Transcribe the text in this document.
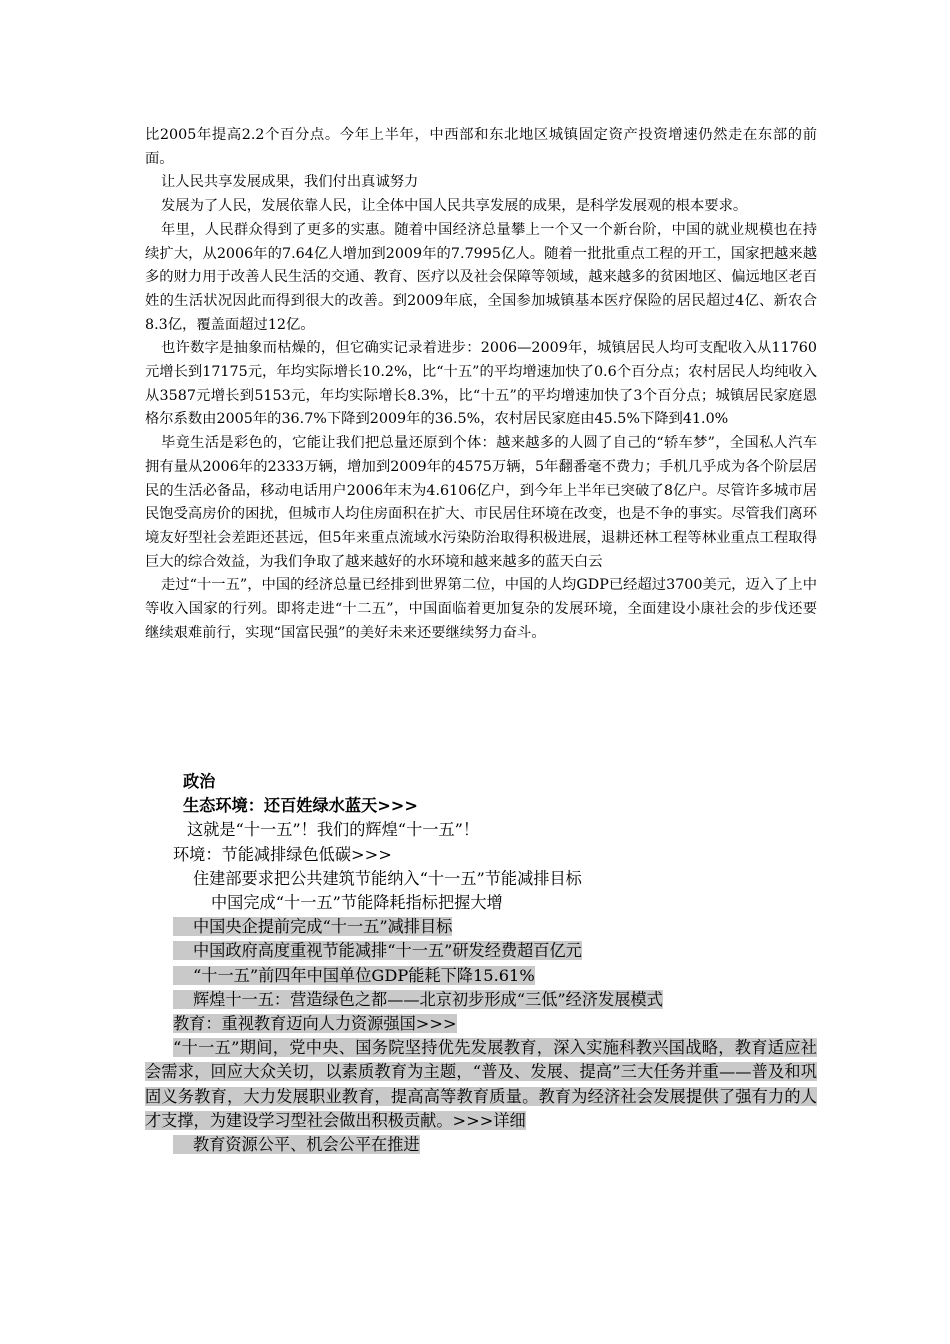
比2005年提高2.2个百分点。今年上半年，中西部和东北地区城镇固定资产投资增速仍然走在东部的前面。

让人民共享发展成果，我们付出真诚努力

发展为了人民，发展依靠人民，让全体中国人民共享发展的成果，是科学发展观的根本要求。

年里，人民群众得到了更多的实惠。随着中国经济总量攀上一个又一个新台阶，中国的就业规模也在持续扩大，从2006年的7.64亿人增加到2009年的7.7995亿人。随着一批批重点工程的开工，国家把越来越多的财力用于改善人民生活的交通、教育、医疗以及社会保障等领域，越来越多的贫困地区、偏远地区老百姓的生活状况因此而得到很大的改善。到2009年底，全国参加城镇基本医疗保险的居民超过4亿、新农合8.3亿，覆盖面超过12亿。

也许数字是抽象而枯燥的，但它确实记录着进步：2006—2009年，城镇居民人均可支配收入从11760元增长到17175元，年均实际增长10.2%，比“十五”的平均增速加快了0.6个百分点；农村居民人均纯收入从3587元增长到5153元，年均实际增长8.3%，比“十五”的平均增速加快了3个百分点；城镇居民家庭恩格尔系数由2005年的36.7%下降到2009年的36.5%，农村居民家庭由45.5%下降到41.0%

毕竟生活是彩色的，它能让我们把总量还原到个体：越来越多的人圆了自己的“轿车梦”，全国私人汽车拥有量从2006年的2333万辆，增加到2009年的4575万辆，5年翻番毫不费力；手机几乎成为各个阶层居民的生活必备品，移动电话用户2006年末为4.6106亿户，到今年上半年已突破了8亿户。尽管许多城市居民饱受高房价的困扰，但城市人均住房面积在扩大、市民居住环境在改变，也是不争的事实。尽管我们离环境友好型社会差距还甚远，但5年来重点流域水污染防治取得积极进展，退耕还林工程等林业重点工程取得巨大的综合效益，为我们争取了越来越好的水环境和越来越多的蓝天白云

走过“十一五”，中国的经济总量已经排到世界第二位，中国的人均GDP已经超过3700美元，迈入了上中等收入国家的行列。即将走进“十二五”，中国面临着更加复杂的发展环境，全面建设小康社会的步伐还要继续艰难前行，实现“国富民强”的美好未来还要继续努力奋斗。

政治
生态环境：还百姓绿水蓝天>>>
这就是“十一五”！我们的辉煌“十一五”！
环境：节能减排绿色低碳>>>
住建部要求把公共建筑节能纳入“十一五”节能减排目标
中国完成“十一五”节能降耗指标把握大增
中国央企提前完成“十一五”减排目标
中国政府高度重视节能减排“十一五”研发经费超百亿元
“十一五”前四年中国单位GDP能耗下降15.61%
辉煌十一五：营造绿色之都——北京初步形成“三低”经济发展模式
教育：重视教育迈向人力资源强国>>>
“十一五”期间，党中央、国务院坚持优先发展教育，深入实施科教兴国战略，教育适应社会需求，回应大众关切，以素质教育为主题，“普及、发展、提高”三大任务并重——普及和巩固义务教育，大力发展职业教育，提高高等教育质量。教育为经济社会发展提供了强有力的人才支撑，为建设学习型社会做出积极贡献。>>>详细
教育资源公平、机会公平在推进
